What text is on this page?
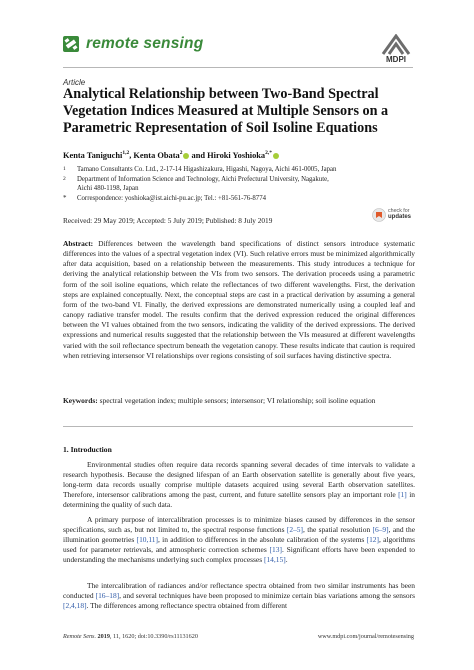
remote sensing
MDPI
Article
Analytical Relationship between Two-Band Spectral Vegetation Indices Measured at Multiple Sensors on a Parametric Representation of Soil Isoline Equations
Kenta Taniguchi$^{1,2}$, Kenta Obata$^2$ and Hiroki Yoshioka$^{2,*}$
1 Tamano Consultants Co. Ltd., 2-17-14 Higashizakura, Higashi, Nagoya, Aichi 461-0005, Japan
2 Department of Information Science and Technology, Aichi Prefectural University, Nagakute,
Aichi 480-1198, Japan
* Correspondence: yoshioka@ist.aichi-pu.ac.jp; Tel.: +81-561-76-8774
Received: 29 May 2019; Accepted: 5 July 2019; Published: 8 July 2019
check for
updates

Abstract: Differences between the wavelength band specifications of distinct sensors introduce systematic differences into the values of a spectral vegetation index (VI). Such relative errors must be minimized algorithmically after data acquisition, based on a relationship between the measurements. This study introduces a technique for deriving the analytical relationship between the VIs from two sensors. The derivation proceeds using a parametric form of the soil isoline equations, which relate the reflectances of two different wavelengths. First, the derivation steps are explained conceptually. Next, the conceptual steps are cast in a practical derivation by assuming a general form of the two-band VI. Finally, the derived expressions are demonstrated numerically using a coupled leaf and canopy radiative transfer model. The results confirm that the derived expression reduced the original differences between the VI values obtained from the two sensors, indicating the validity of the derived expressions. The derived expressions and numerical results suggested that the relationship between the VIs measured at different wavelengths varied with the soil reflectance spectrum beneath the vegetation canopy. These results indicate that caution is required when retrieving intersensor VI relationships over regions consisting of soil surfaces having distinctive spectra.

Keywords: spectral vegetation index; multiple sensors; intersensor; VI relationship; soil isoline equation

1. Introduction

Environmental studies often require data records spanning several decades of time intervals to validate a research hypothesis. Because the designed lifespan of an Earth observation satellite is generally about five years, long-term data records usually comprise multiple datasets acquired using several Earth observation satellites. Therefore, intersensor calibrations among the past, current, and future satellite sensors play an important role [1] in determining the quality of such data.

A primary purpose of intercalibration processes is to minimize biases caused by differences in the sensor specifications, such as, but not limited to, the spectral response functions [2–5], the spatial resolution [6–9], and the illumination geometries [10,11], in addition to differences in the absolute calibration of the systems [12], algorithms used for parameter retrievals, and atmospheric correction schemes [13]. Significant efforts have been expended to understanding the mechanisms underlying such complex processes [14,15].

The intercalibration of radiances and/or reflectance spectra obtained from two similar instruments has been conducted [16–18], and several techniques have been proposed to minimize certain bias variations among the sensors [2,4,18]. The differences among reflectance spectra obtained from different

Remote Sens. 2019, 11, 1620; doi:10.3390/rs11131620	www.mdpi.com/journal/remotesensing
